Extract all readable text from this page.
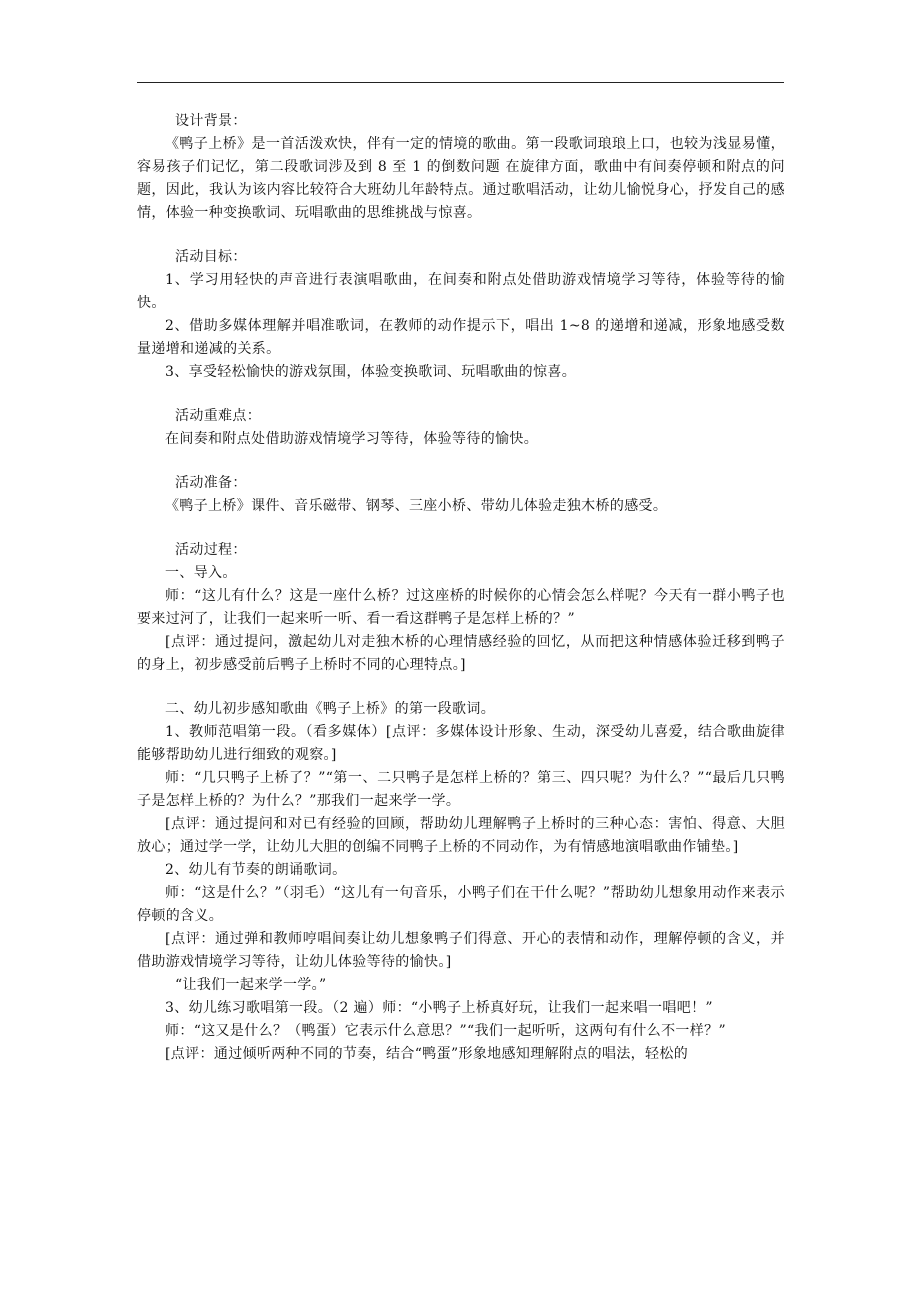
设计背景：

《鸭子上桥》是一首活泼欢快，伴有一定的情境的歌曲。第一段歌词琅琅上口，也较为浅显易懂，容易孩子们记忆，第二段歌词涉及到 8 至 1 的倒数问题 在旋律方面，歌曲中有间奏停顿和附点的问题，因此，我认为该内容比较符合大班幼儿年龄特点。通过歌唱活动，让幼儿愉悦身心，抒发自己的感情，体验一种变换歌词、玩唱歌曲的思维挑战与惊喜。

活动目标：

1、学习用轻快的声音进行表演唱歌曲，在间奏和附点处借助游戏情境学习等待，体验等待的愉快。

2、借助多媒体理解并唱准歌词，在教师的动作提示下，唱出 1~8 的递增和递减，形象地感受数量递增和递减的关系。

3、享受轻松愉快的游戏氛围，体验变换歌词、玩唱歌曲的惊喜。

活动重难点：

在间奏和附点处借助游戏情境学习等待，体验等待的愉快。

活动准备：

《鸭子上桥》课件、音乐磁带、钢琴、三座小桥、带幼儿体验走独木桥的感受。

活动过程：

一、导入。

师：“这儿有什么？这是一座什么桥？过这座桥的时候你的心情会怎么样呢？今天有一群小鸭子也要来过河了，让我们一起来听一听、看一看这群鸭子是怎样上桥的？”

[点评：通过提问，激起幼儿对走独木桥的心理情感经验的回忆，从而把这种情感体验迁移到鸭子的身上，初步感受前后鸭子上桥时不同的心理特点。]

二、幼儿初步感知歌曲《鸭子上桥》的第一段歌词。

1、教师范唱第一段。（看多媒体）[点评：多媒体设计形象、生动，深受幼儿喜爱，结合歌曲旋律能够帮助幼儿进行细致的观察。]

师：“几只鸭子上桥了？”“第一、二只鸭子是怎样上桥的？第三、四只呢？为什么？”“最后几只鸭子是怎样上桥的？为什么？”那我们一起来学一学。

[点评：通过提问和对已有经验的回顾，帮助幼儿理解鸭子上桥时的三种心态：害怕、得意、大胆放心；通过学一学，让幼儿大胆的创编不同鸭子上桥的不同动作，为有情感地演唱歌曲作铺垫。]

2、幼儿有节奏的朗诵歌词。

师：“这是什么？”（羽毛）“这儿有一句音乐，小鸭子们在干什么呢？”帮助幼儿想象用动作来表示停顿的含义。

[点评：通过弹和教师哼唱间奏让幼儿想象鸭子们得意、开心的表情和动作，理解停顿的含义，并借助游戏情境学习等待，让幼儿体验等待的愉快。]

“让我们一起来学一学。”

3、幼儿练习歌唱第一段。（2 遍）师：“小鸭子上桥真好玩，让我们一起来唱一唱吧！”

师：“这又是什么？（鸭蛋）它表示什么意思？”“我们一起听听，这两句有什么不一样？”

[点评：通过倾听两种不同的节奏，结合“鸭蛋”形象地感知理解附点的唱法，轻松的
